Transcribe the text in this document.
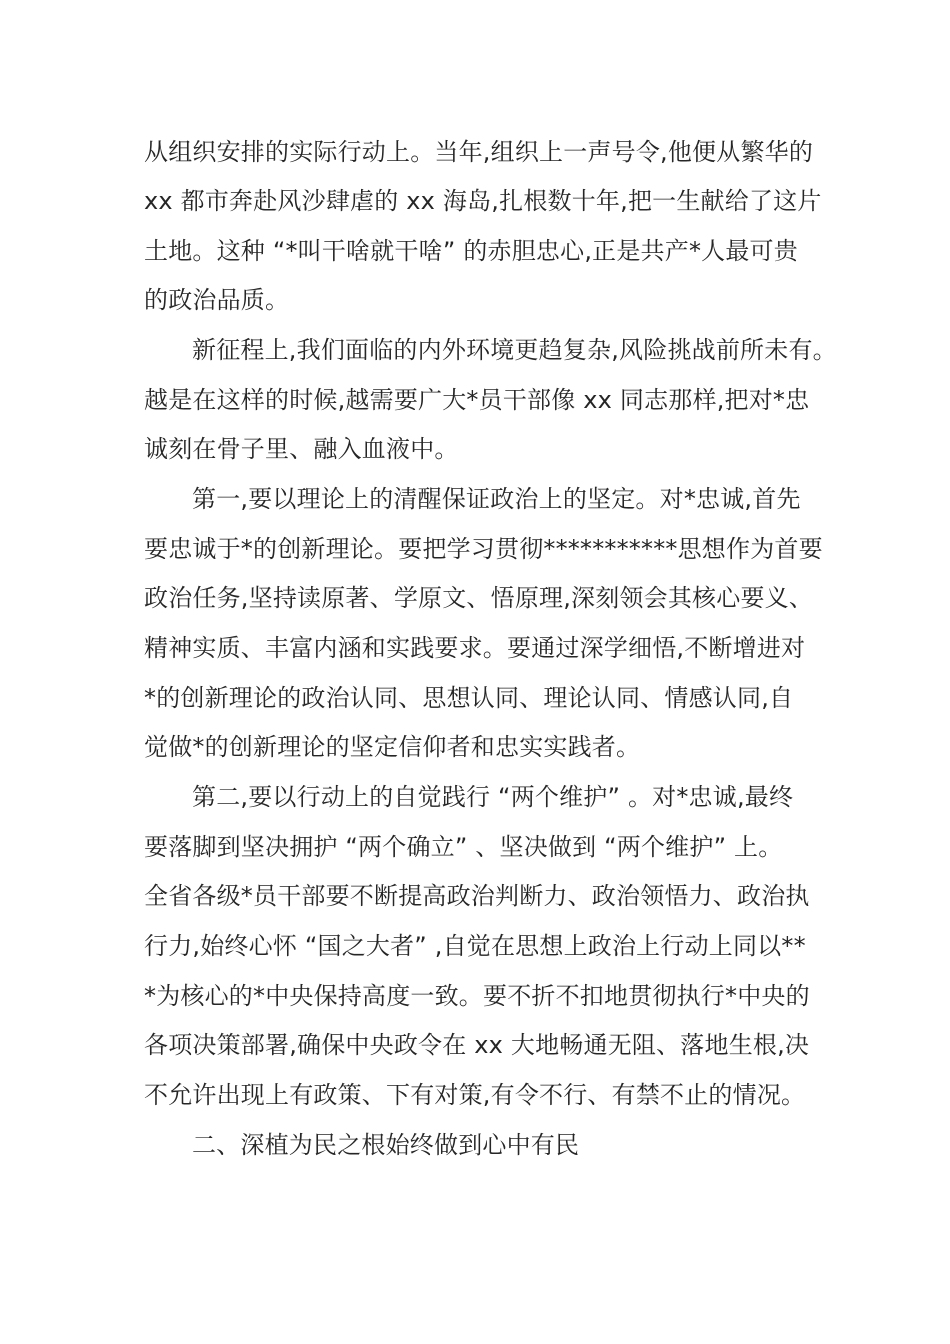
从组织安排的实际行动上。当年,组织上一声号令,他便从繁华的
xx 都市奔赴风沙肆虐的 xx 海岛,扎根数十年,把一生献给了这片
土地。这种 “*叫干啥就干啥” 的赤胆忠心,正是共产*人最可贵
的政治品质。
新征程上,我们面临的内外环境更趋复杂,风险挑战前所未有。
越是在这样的时候,越需要广大*员干部像 xx 同志那样,把对*忠
诚刻在骨子里、融入血液中。
第一,要以理论上的清醒保证政治上的坚定。对*忠诚,首先
要忠诚于*的创新理论。要把学习贯彻***********思想作为首要
政治任务,坚持读原著、学原文、悟原理,深刻领会其核心要义、
精神实质、丰富内涵和实践要求。要通过深学细悟,不断增进对
*的创新理论的政治认同、思想认同、理论认同、情感认同,自
觉做*的创新理论的坚定信仰者和忠实实践者。
第二,要以行动上的自觉践行 “两个维护” 。对*忠诚,最终
要落脚到坚决拥护 “两个确立” 、坚决做到 “两个维护” 上。
全省各级*员干部要不断提高政治判断力、政治领悟力、政治执
行力,始终心怀 “国之大者” ,自觉在思想上政治上行动上同以**
*为核心的*中央保持高度一致。要不折不扣地贯彻执行*中央的
各项决策部署,确保中央政令在 xx 大地畅通无阻、落地生根,决
不允许出现上有政策、下有对策,有令不行、有禁不止的情况。
二、深植为民之根始终做到心中有民
